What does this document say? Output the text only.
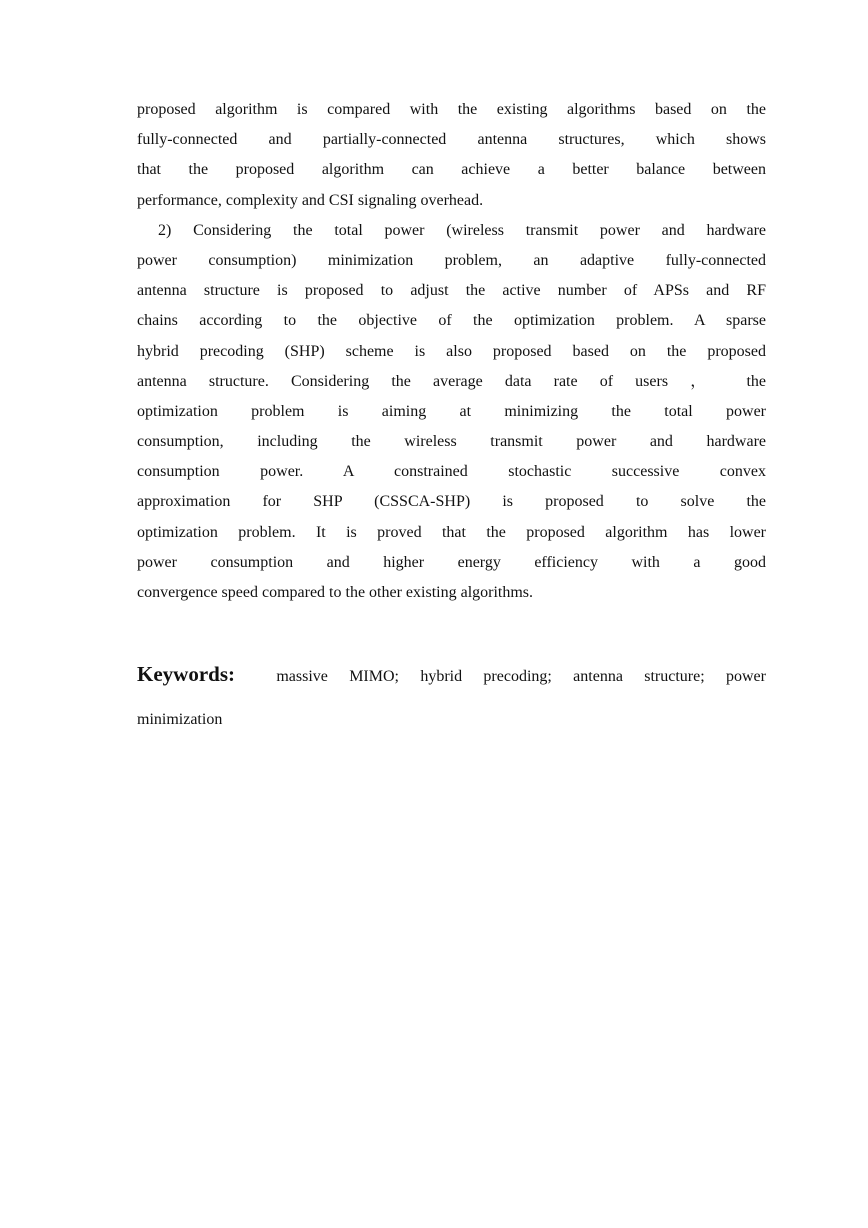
proposed algorithm is compared with the existing algorithms based on the
fully-connected and partially-connected antenna structures, which shows
that the proposed algorithm can achieve a better balance between
performance, complexity and CSI signaling overhead.

2) Considering the total power (wireless transmit power and hardware
power consumption) minimization problem, an adaptive fully-connected
antenna structure is proposed to adjust the active number of APSs and RF
chains according to the objective of the optimization problem. A sparse
hybrid precoding (SHP) scheme is also proposed based on the proposed
antenna structure. Considering the average data rate of users ， the
optimization problem is aiming at minimizing the total power
consumption, including the wireless transmit power and hardware
consumption power. A constrained stochastic successive convex
approximation for SHP (CSSCA-SHP) is proposed to solve the
optimization problem. It is proved that the proposed algorithm has lower
power consumption and higher energy efficiency with a good
convergence speed compared to the other existing algorithms.

Keywords:	massive MIMO; hybrid precoding; antenna structure; power
minimization
